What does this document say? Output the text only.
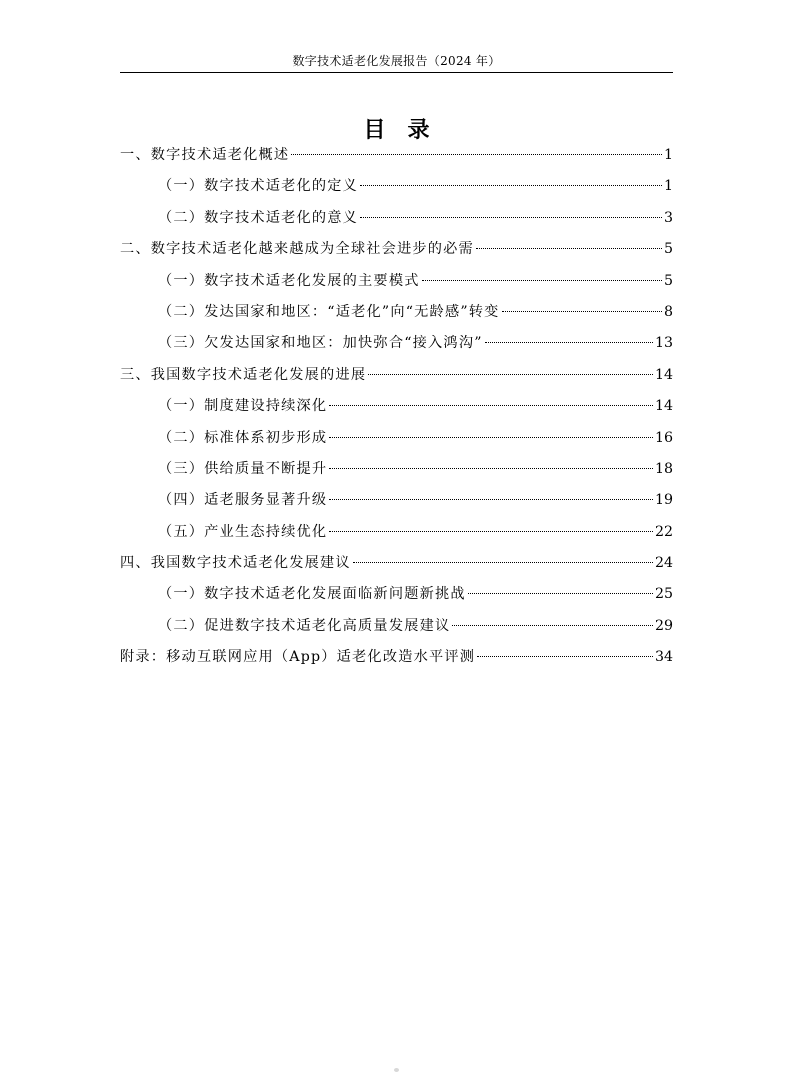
数字技术适老化发展报告（2024 年）
目 录
一、数字技术适老化概述	1
（一）数字技术适老化的定义	1
（二）数字技术适老化的意义	3
二、数字技术适老化越来越成为全球社会进步的必需	5
（一）数字技术适老化发展的主要模式	5
（二）发达国家和地区：“适老化”向“无龄感”转变	8
（三）欠发达国家和地区：加快弥合“接入鸿沟”	13
三、我国数字技术适老化发展的进展	14
（一）制度建设持续深化	14
（二）标准体系初步形成	16
（三）供给质量不断提升	18
（四）适老服务显著升级	19
（五）产业生态持续优化	22
四、我国数字技术适老化发展建议	24
（一）数字技术适老化发展面临新问题新挑战	25
（二）促进数字技术适老化高质量发展建议	29
附录：移动互联网应用（App）适老化改造水平评测	34
